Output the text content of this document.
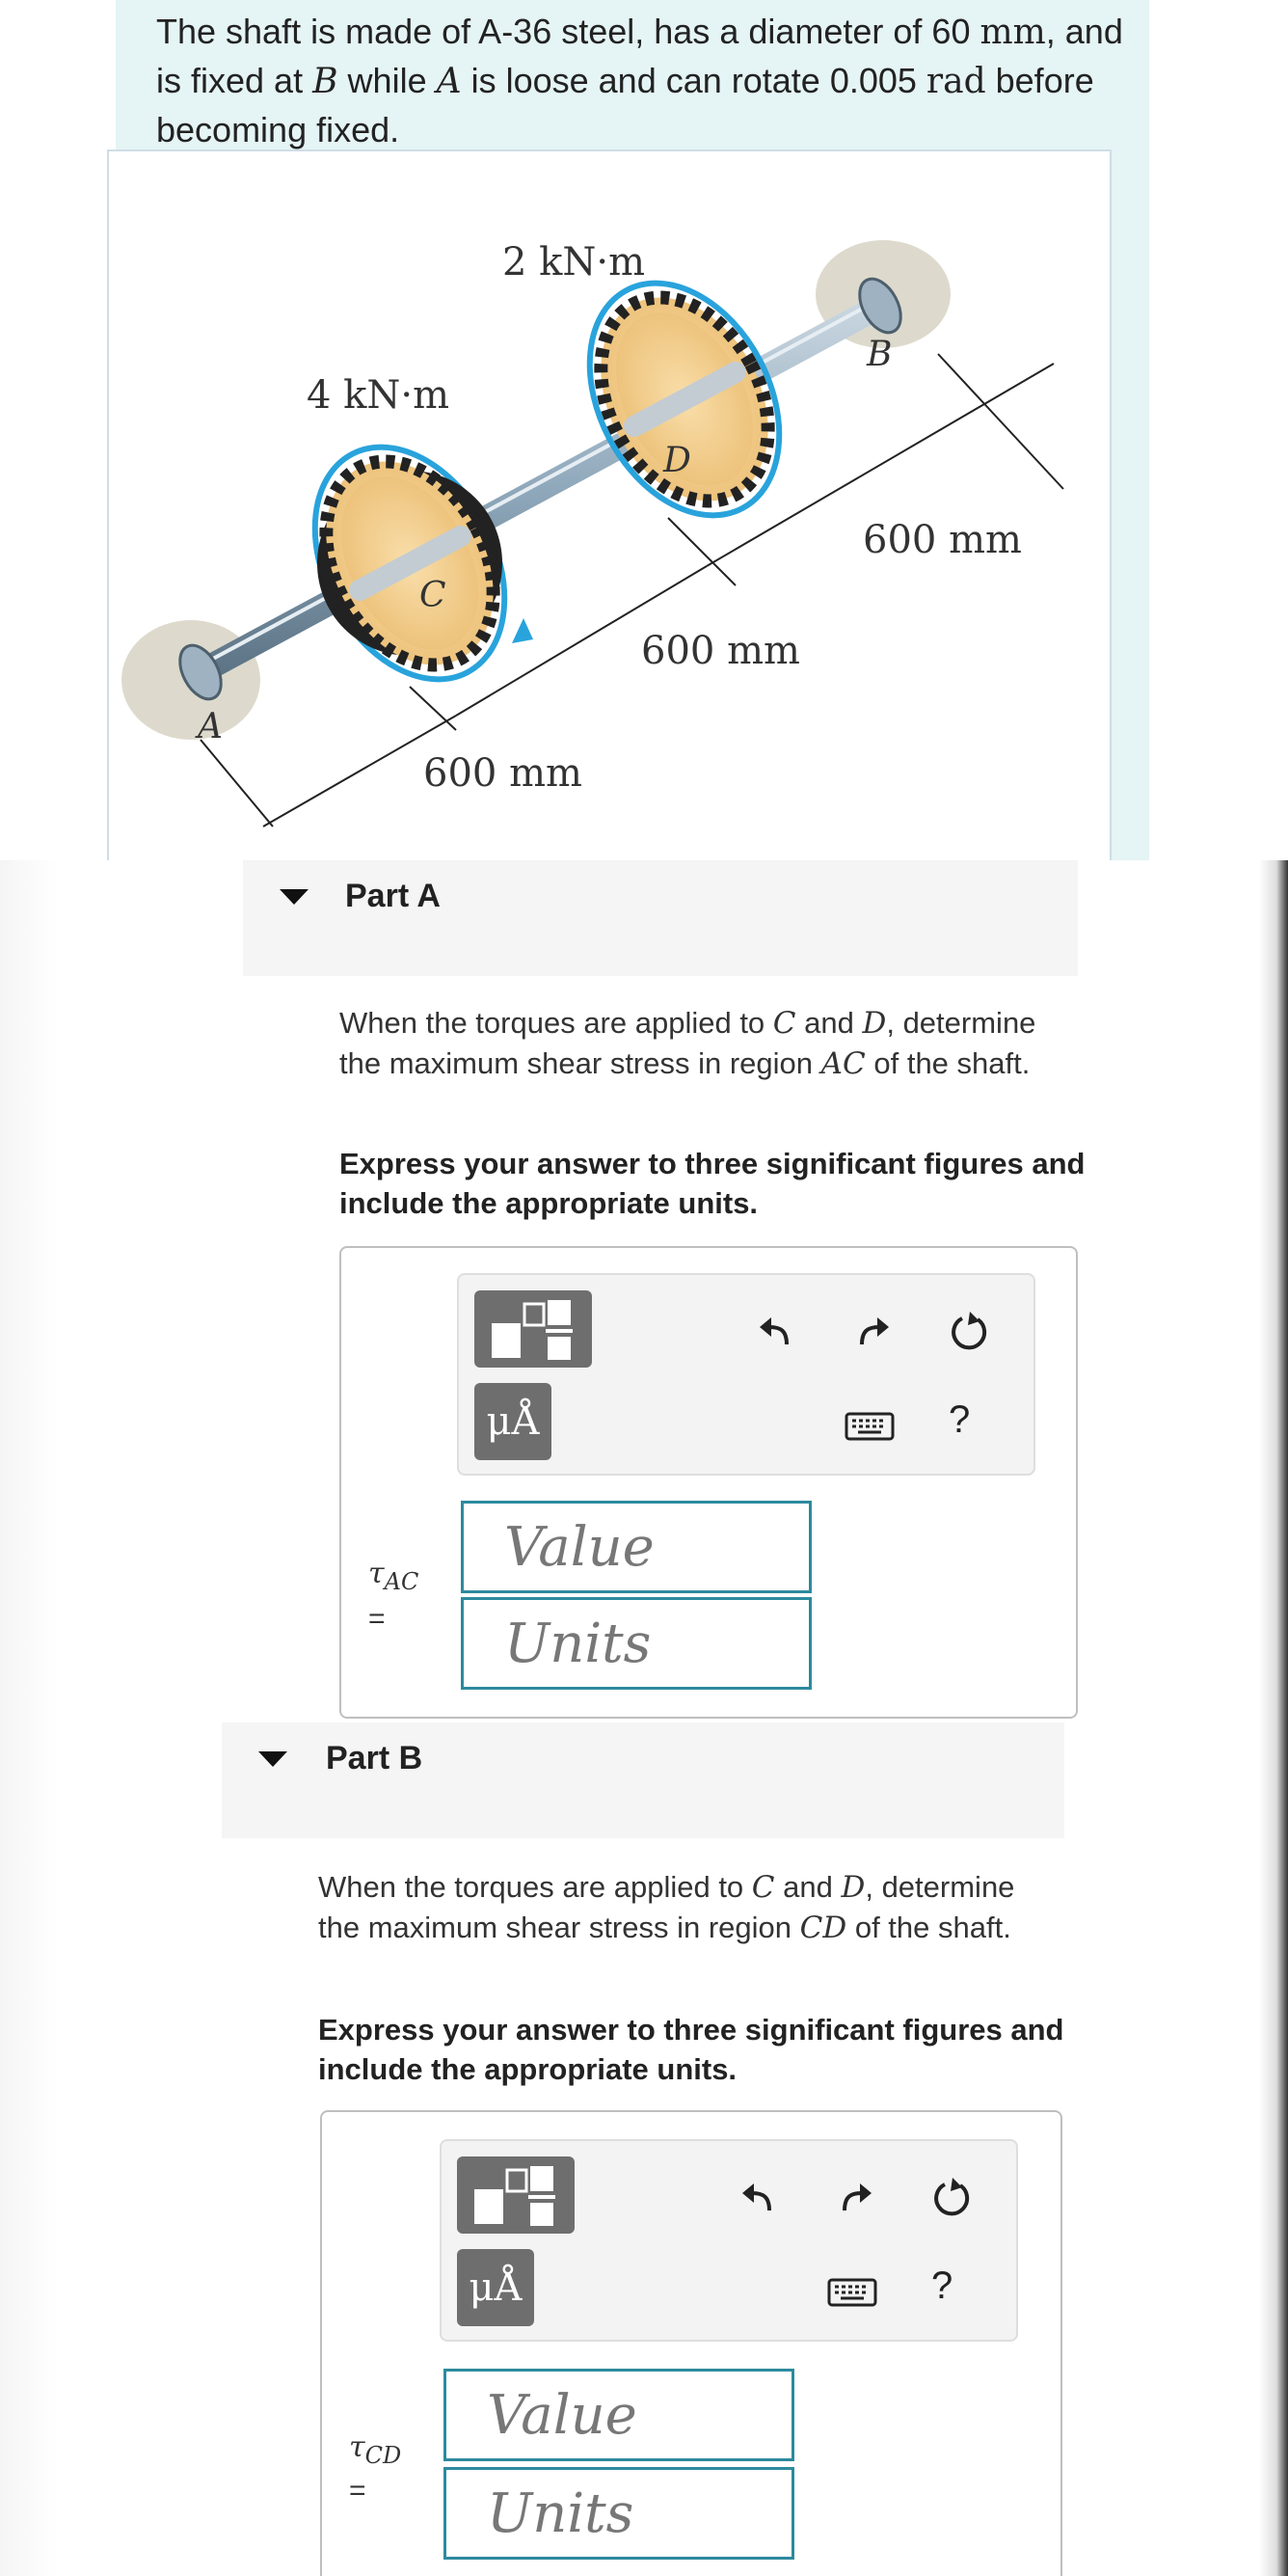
The shaft is made of A-36 steel, has a diameter of 60 mm, and is fixed at B while A is loose and can rotate 0.005 rad before becoming fixed.
2 kN·m
4 kN·m
600 mm
600 mm
600 mm
A
B
C
D
Part A
When the torques are applied to C and D, determine the maximum shear stress in region AC of the shaft.
Express your answer to three significant figures and include the appropriate units.
μÅ	?
$\tau_{AC}$
=
Value
Units
Part B
When the torques are applied to C and D, determine the maximum shear stress in region CD of the shaft.
Express your answer to three significant figures and include the appropriate units.
μÅ	?
$\tau_{CD}$
=
Value
Units
